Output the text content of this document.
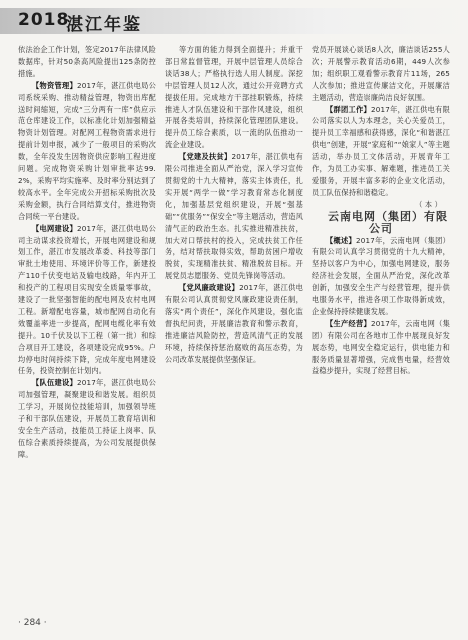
2018
湛江年鉴

依法治企工作计划，签定2017年法律风险数据库，针对50条高风险提出125条防控措施。

【物资管理】2017年，湛江供电局公司系统采购、推动精益管理，物资出库配送时间缩短，完成“三分两有一库”供应示范仓库建设工作，以标准化计划加强精益物资计划管理。对配网工程物资需求进行提前计划申报，减少了一般项目的采购次数，全年没发生因物资供应影响工程进度问题。完成物资采购计划审批率达99.2%，采购平均实施率、及时率分别达到了较高水平。全年完成公开招标采购批次及采购金额，执行合同结算支付，推进物资合同统一平台建设。

【电网建设】2017年，湛江供电局公司主动谋求投资增长，开展电网建设和规划工作，湛江市发展改革委、科技等部门审批土地使用、环境评价等工作，新建投产110千伏变电站及输电线路，年内开工和投产的工程项目实现安全质量零事故，建设了一批坚强智能的配电网及农村电网工程。新增配电容量，城市配网自动化有效覆盖率进一步提高，配网电缆化率有效提升。10千伏及以下工程（第一批）和综合项目开工建设，各项建设完成95%。户均停电时间持续下降，完成年度电网建设任务，投资控制在计划内。

【队伍建设】2017年，湛江供电局公司加强管理，凝聚建设和谐发展。组织员工学习，开展岗位技能培训，加强领导班子和干部队伍建设，开展员工教育培训和安全生产活动，技能员工持证上岗率、队伍综合素质持续提高，为公司发展提供保障。

等方面的能力得到全面提升；并重干部日常监督管理，开展中层管理人员综合谈话38人；严格执行选人用人制度。深挖中层管理人员12人次，通过公开竞聘方式提拔任用。完成地方干部挂职锻炼，持续推进人才队伍建设和干部作风建设，组织开展各类培训，持续深化管理团队建设。提升员工综合素质，以一流的队伍推动一流企业建设。

【党建及扶贫】2017年，湛江供电有限公司推进全面从严治党，深入学习宣传贯彻党的十九大精神，落实主体责任，扎实开展“两学一做”学习教育常态化制度化，加强基层党组织建设，开展“强基础”“优服务”“保安全”等主题活动，营造风清气正的政治生态。扎实推进精准扶贫，加大对口帮扶村的投入，完成扶贫工作任务，结对帮扶取得实效，帮助贫困户增收脱贫，实现精准扶贫、精准脱贫目标。开展党员志愿服务、党员先锋岗等活动。

【党风廉政建设】2017年，湛江供电有限公司认真贯彻党风廉政建设责任制，落实“两个责任”，深化作风建设，强化监督执纪问责，开展廉洁教育和警示教育，推进廉洁风险防控，营造风清气正的发展环境，持续保持惩治腐败的高压态势，为公司改革发展提供坚强保证。

党员开展谈心谈话8人次，廉洁谈话255人次；开展警示教育活动6期，449人次参加；组织职工观看警示教育片11场，265人次参加；推进宣传廉洁文化，开展廉洁主题活动，营造崇廉尚洁良好氛围。

【群团工作】2017年，湛江供电有限公司落实以人为本理念，关心关爱员工，提升员工幸福感和获得感，深化“和谐湛江供电”创建，开展“家庭和”“娘家人”等主题活动，举办员工文体活动，开展青年工作，为员工办实事、解难题，推进员工关爱服务，开展丰富多彩的企业文化活动，员工队伍保持和谐稳定。

（ 本 ）

云南电网（集团）有限公司

【概述】2017年，云南电网（集团）有限公司认真学习贯彻党的十九大精神，坚持以客户为中心，加强电网建设，服务经济社会发展，全面从严治党，深化改革创新，加强安全生产与经营管理，提升供电服务水平，推进各项工作取得新成效，企业保持持续健康发展。

【生产经营】2017年，云南电网（集团）有限公司在各地市工作中展现良好发展态势，电网安全稳定运行，供电能力和服务质量显著增强，完成售电量，经营效益稳步提升，实现了经营目标。

· 284 ·
